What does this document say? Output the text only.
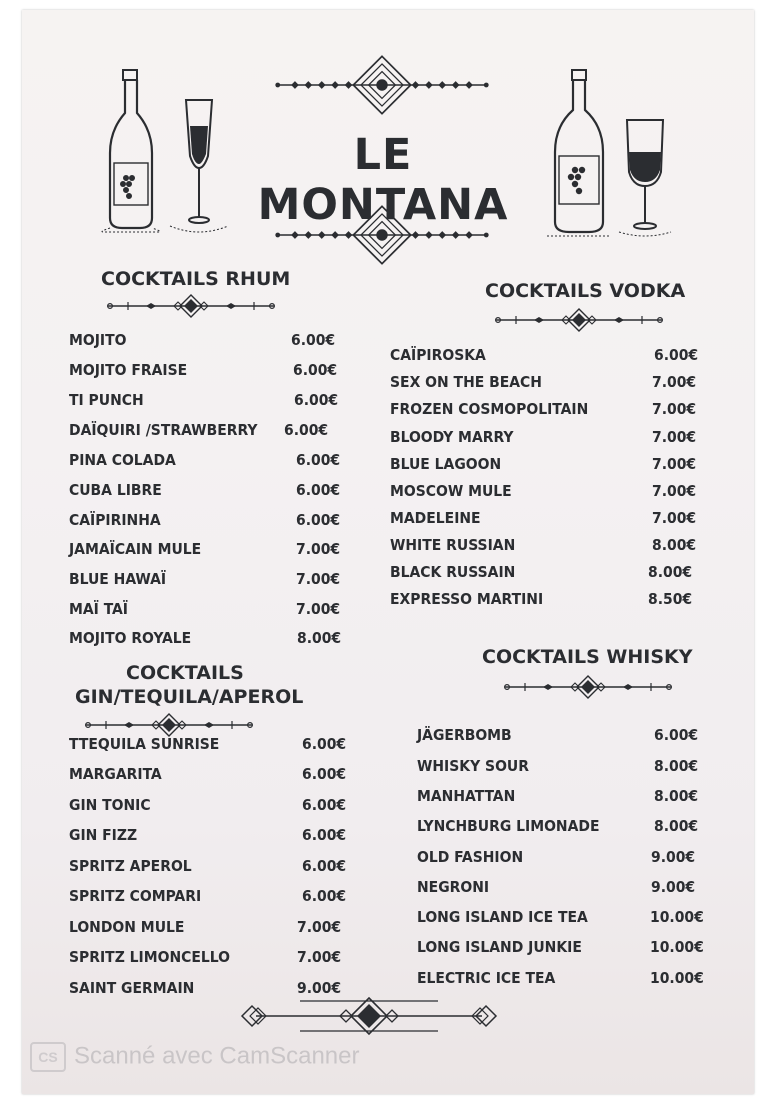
LE MONTANA
COCKTAILS RHUM
COCKTAILS VODKA
COCKTAILS
GIN/TEQUILA/APEROL
COCKTAILS WHISKY
MOJITO	6.00€
MOJITO FRAISE	6.00€
TI PUNCH	6.00€
DAÏQUIRI /STRAWBERRY 6.00€
PINA COLADA	6.00€
CUBA LIBRE	6.00€
CAÏPIRINHA	6.00€
JAMAÏCAIN MULE	7.00€
BLUE HAWAÏ	7.00€
MAÏ TAÏ	7.00€
MOJITO ROYALE	8.00€
TTEQUILA SUNRISE	6.00€
MARGARITA	6.00€
GIN TONIC	6.00€
GIN FIZZ	6.00€
SPRITZ APEROL	6.00€
SPRITZ COMPARI	6.00€
LONDON MULE	7.00€
SPRITZ LIMONCELLO	7.00€
SAINT GERMAIN	9.00€
CAÏPIROSKA	6.00€
SEX ON THE BEACH	7.00€
FROZEN COSMOPOLITAIN	7.00€
BLOODY MARRY	7.00€
BLUE LAGOON	7.00€
MOSCOW MULE	7.00€
MADELEINE	7.00€
WHITE RUSSIAN	8.00€
BLACK RUSSAIN	8.00€
EXPRESSO MARTINI	8.50€
JÄGERBOMB	6.00€
WHISKY SOUR	8.00€
MANHATTAN	8.00€
LYNCHBURG LIMONADE	8.00€
OLD FASHION	9.00€
NEGRONI	9.00€
LONG ISLAND ICE TEA	10.00€
LONG ISLAND JUNKIE	10.00€
ELECTRIC ICE TEA	10.00€
CS Scanné avec CamScanner
